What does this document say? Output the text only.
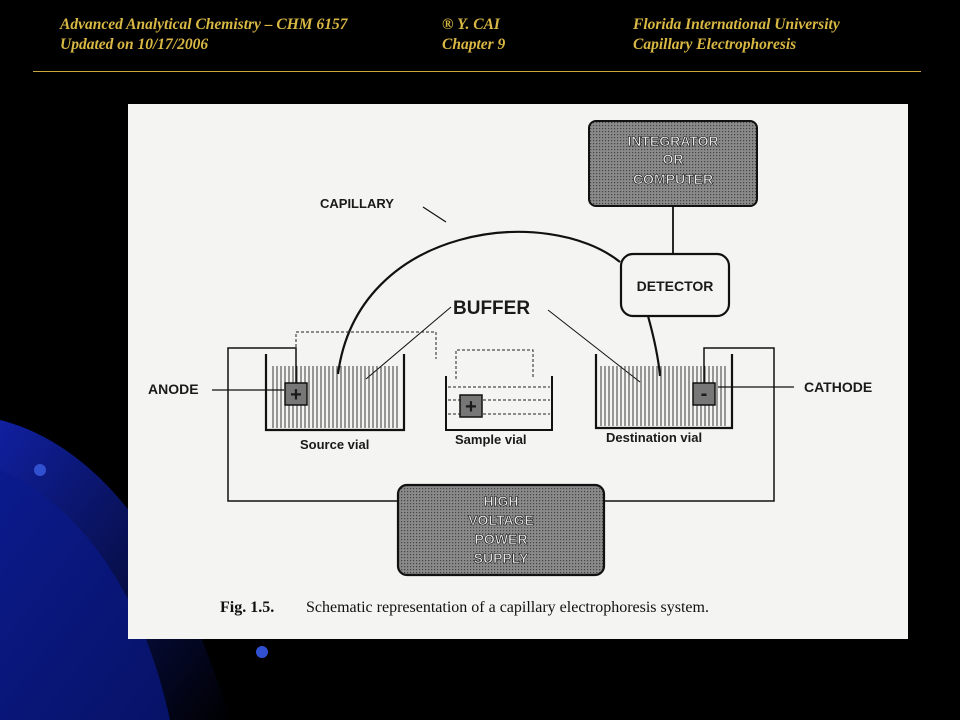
Advanced Analytical Chemistry – CHM 6157
Updated on 10/17/2006
® Y. CAI
Chapter 9
Florida International University
Capillary Electrophoresis
INTEGRATOR
OR
COMPUTER
DETECTOR
CAPILLARY
BUFFER
+
Source vial
+
Sample vial
-
Destination vial
ANODE	CATHODE
HIGH
VOLTAGE
POWER
SUPPLY
Fig. 1.5. Schematic representation of a capillary electrophoresis system.
